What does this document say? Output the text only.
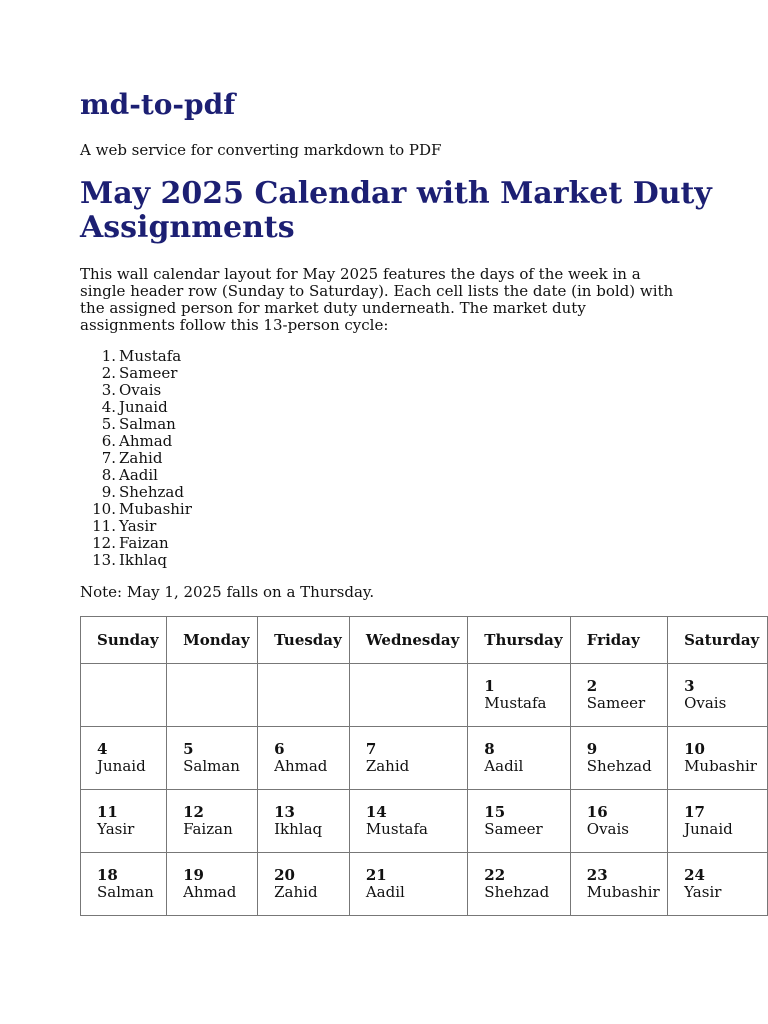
md-to-pdf

A web service for converting markdown to PDF

May 2025 Calendar with Market Duty Assignments

This wall calendar layout for May 2025 features the days of the week in a single header row (Sunday to Saturday). Each cell lists the date (in bold) with the assigned person for market duty underneath. The market duty assignments follow this 13-person cycle:

1. Mustafa
2. Sameer
3. Ovais
4. Junaid
5. Salman
6. Ahmad
7. Zahid
8. Aadil
9. Shehzad
10. Mubashir
11. Yasir
12. Faizan
13. Ikhlaq

Note: May 1, 2025 falls on a Thursday.

Sunday	Monday	Tuesday	Wednesday	Thursday	Friday	Saturday

				1
Mustafa	2
Sameer	3
Ovais

4
Junaid	5
Salman	6
Ahmad	7
Zahid	8
Aadil	9
Shehzad	10
Mubashir

11
Yasir	12
Faizan	13
Ikhlaq	14
Mustafa	15
Sameer	16
Ovais	17
Junaid

18
Salman	19
Ahmad	20
Zahid	21
Aadil	22
Shehzad	23
Mubashir	24
Yasir
